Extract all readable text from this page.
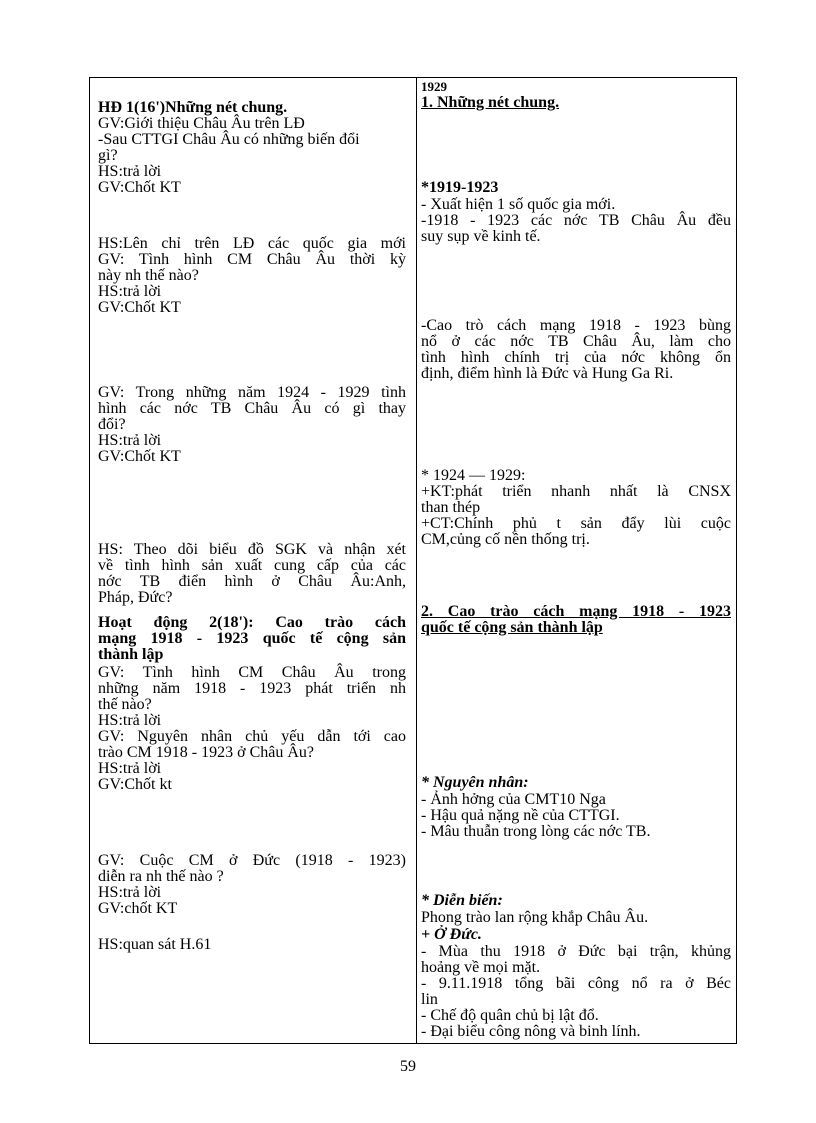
HĐ 1(16')Những nét chung.
GV:Giới thiệu Châu Âu trên LĐ
-Sau CTTGI Châu Âu có những biến đổi
gì?
HS:trả lời
GV:Chốt KT
HS:Lên chỉ trên LĐ các quốc gia mới
GV: Tình hình CM Châu Âu thời kỳ
này nh thế nào?
HS:trả lời
GV:Chốt KT
GV: Trong những năm 1924 - 1929 tình
hình các nớc TB Châu Âu có gì thay
đổi?
HS:trả lời
GV:Chốt KT
HS: Theo dõi biểu đồ SGK và nhận xét
về tình hình sản xuất cung cấp của các
nớc TB điển hình ở Châu Âu:Anh,
Pháp, Đức?
Hoạt động 2(18'): Cao trào cách
mạng 1918 - 1923 quốc tế cộng sản
thành lập
GV: Tình hình CM Châu Âu trong
những năm 1918 - 1923 phát triển nh
thế nào?
HS:trả lời
GV: Nguyên nhân chủ yếu dẫn tới cao
trào CM 1918 - 1923 ở Châu Âu?
HS:trả lời
GV:Chốt kt
GV: Cuộc CM ở Đức (1918 - 1923)
diễn ra nh thế nào ?
HS:trả lời
GV:chốt KT
HS:quan sát H.61
1929
1. Những nét chung.
*1919-1923
- Xuất hiện 1 số quốc gia mới.
-1918 - 1923 các nớc TB Châu Âu đều
suy sụp về kinh tế.
-Cao trò cách mạng 1918 - 1923 bùng
nổ ở các nớc TB Châu Âu, làm cho
tình hình chính trị của nớc không ổn
định, điểm hình là Đức và Hung Ga Ri.
* 1924 — 1929:
+KT:phát triển nhanh nhất là CNSX
than thép
+CT:Chính phủ t sản đẩy lùi cuộc
CM,củng cố nền thống trị.
2. Cao trào cách mạng 1918 - 1923
quốc tế cộng sản thành lập
* Nguyên nhân:
- Ảnh hởng của CMT10 Nga
- Hậu quả nặng nề của CTTGI.
- Mâu thuẫn trong lòng các nớc TB.
* Diễn biến:
Phong trào lan rộng khắp Châu Âu.
+ Ở Đức.
- Mùa thu 1918 ở Đức bại trận, khủng
hoảng về mọi mặt.
- 9.11.1918 tổng bãi công nổ ra ở Béc
lin
- Chế độ quân chủ bị lật đổ.
- Đại biểu công nông và binh lính.
59
